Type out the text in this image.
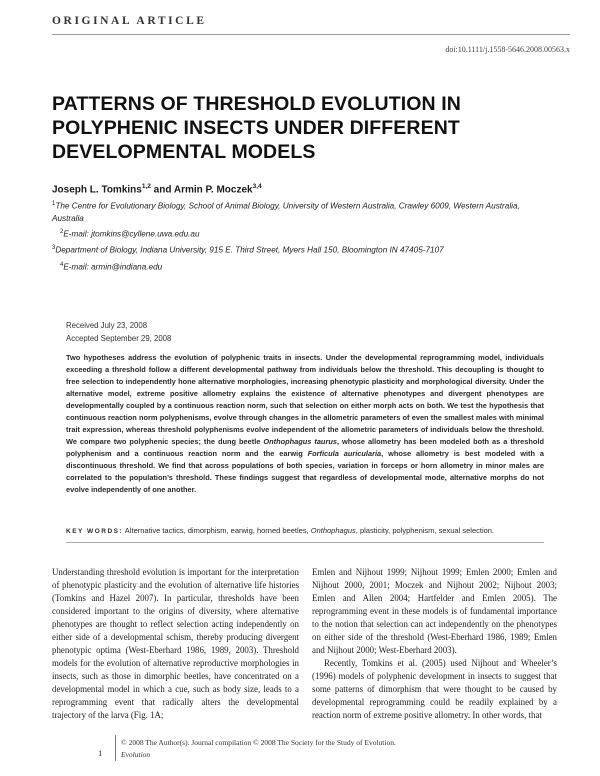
ORIGINAL ARTICLE
doi:10.1111/j.1558-5646.2008.00563.x
PATTERNS OF THRESHOLD EVOLUTION IN POLYPHENIC INSECTS UNDER DIFFERENT DEVELOPMENTAL MODELS
Joseph L. Tomkins$^{1,2}$ and Armin P. Moczek$^{3,4}$
$^1$The Centre for Evolutionary Biology, School of Animal Biology, University of Western Australia, Crawley 6009, Western Australia, Australia
$^2$E-mail: jtomkins@cyllene.uwa.edu.au
$^3$Department of Biology, Indiana University, 915 E. Third Street, Myers Hall 150, Bloomington IN 47405-7107
$^4$E-mail: armin@indiana.edu
Received July 23, 2008
Accepted September 29, 2008
Two hypotheses address the evolution of polyphenic traits in insects. Under the developmental reprogramming model, individuals exceeding a threshold follow a different developmental pathway from individuals below the threshold. This decoupling is thought to free selection to independently hone alternative morphologies, increasing phenotypic plasticity and morphological diversity. Under the alternative model, extreme positive allometry explains the existence of alternative phenotypes and divergent phenotypes are developmentally coupled by a continuous reaction norm, such that selection on either morph acts on both. We test the hypothesis that continuous reaction norm polyphenisms, evolve through changes in the allometric parameters of even the smallest males with minimal trait expression, whereas threshold polyphenisms evolve independent of the allometric parameters of individuals below the threshold. We compare two polyphenic species; the dung beetle Onthophagus taurus, whose allometry has been modeled both as a threshold polyphenism and a continuous reaction norm and the earwig Forficula auricularia, whose allometry is best modeled with a discontinuous threshold. We find that across populations of both species, variation in forceps or horn allometry in minor males are correlated to the population’s threshold. These findings suggest that regardless of developmental mode, alternative morphs do not evolve independently of one another.
KEY WORDS: Alternative tactics, dimorphism, earwig, horned beetles, Onthophagus, plasticity, polyphenism, sexual selection.

Understanding threshold evolution is important for the interpretation of phenotypic plasticity and the evolution of alternative life histories (Tomkins and Hazel 2007). In particular, thresholds have been considered important to the origins of diversity, where alternative phenotypes are thought to reflect selection acting independently on either side of a developmental schism, thereby producing divergent phenotypic optima (West-Eberhard 1986, 1989, 2003). Threshold models for the evolution of alternative reproductive morphologies in insects, such as those in dimorphic beetles, have concentrated on a developmental model in which a cue, such as body size, leads to a reprogramming event that radically alters the developmental trajectory of the larva (Fig. 1A;

Emlen and Nijhout 1999; Nijhout 1999; Emlen 2000; Emlen and Nijhout 2000, 2001; Moczek and Nijhout 2002; Nijhout 2003; Emlen and Allen 2004; Hartfelder and Emlen 2005). The reprogramming event in these models is of fundamental importance to the notion that selection can act independently on the phenotypes on either side of the threshold (West-Eberhard 1986, 1989; Emlen and Nijhout 2000; West-Eberhard 2003).

Recently, Tomkins et al. (2005) used Nijhout and Wheeler’s (1996) models of polyphenic development in insects to suggest that some patterns of dimorphism that were thought to be caused by developmental reprogramming could be readily explained by a reaction norm of extreme positive allometry. In other words, that

1
© 2008 The Author(s). Journal compilation © 2008 The Society for the Study of Evolution.
Evolution
